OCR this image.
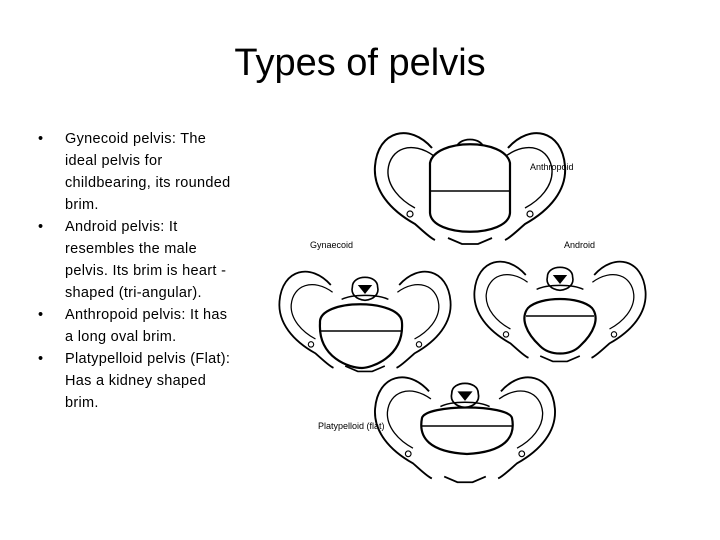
Types of pelvis
• Gynecoid pelvis: The ideal pelvis for childbearing, its rounded brim.
• Android pelvis: It resembles the male pelvis. Its brim is heart - shaped (tri-angular).
• Anthropoid pelvis: It has a long oval brim.
• Platypelloid pelvis (Flat): Has a kidney shaped brim.
Anthropoid
Gynaecoid	Android
Platypelloid (flat)
